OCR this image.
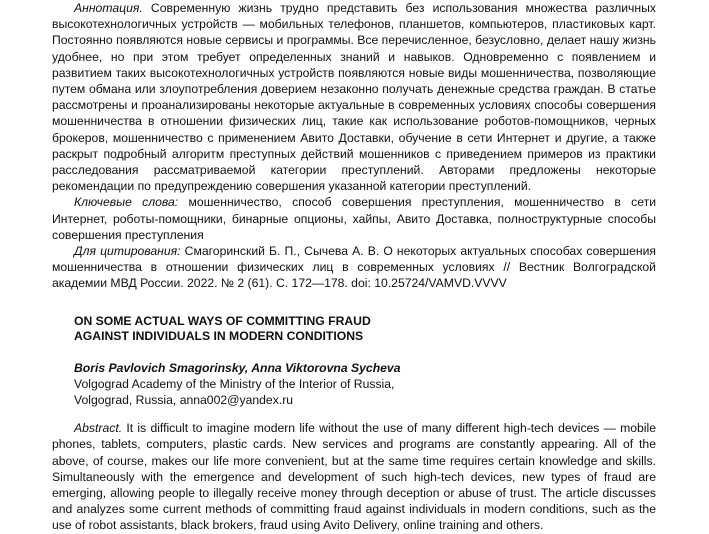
Аннотация. Современную жизнь трудно представить без использования множества различных высокотехнологичных устройств — мобильных телефонов, планшетов, компьютеров, пластиковых карт. Постоянно появляются новые сервисы и программы. Все перечисленное, безусловно, делает нашу жизнь удобнее, но при этом требует определенных знаний и навыков. Одновременно с появлением и развитием таких высокотехнологичных устройств появляются новые виды мошенничества, позволяющие путем обмана или злоупотребления доверием незаконно получать денежные средства граждан. В статье рассмотрены и проанализированы некоторые актуальные в современных условиях способы совершения мошенничества в отношении физических лиц, такие как использование роботов-помощников, черных брокеров, мошенничество с применением Авито Доставки, обучение в сети Интернет и другие, а также раскрыт подробный алгоритм преступных действий мошенников с приведением примеров из практики расследования рассматриваемой категории преступлений. Авторами предложены некоторые рекомендации по предупреждению совершения указанной категории преступлений.

Ключевые слова: мошенничество, способ совершения преступления, мошенничество в сети Интернет, роботы-помощники, бинарные опционы, хайпы, Авито Доставка, полноструктурные способы совершения преступления

Для цитирования: Смагоринский Б. П., Сычева А. В. О некоторых актуальных способах совершения мошенничества в отношении физических лиц в современных условиях // Вестник Волгоградской академии МВД России. 2022. № 2 (61). С. 172—178. doi: 10.25724/VAMVD.VVVV

ON SOME ACTUAL WAYS OF COMMITTING FRAUD
AGAINST INDIVIDUALS IN MODERN CONDITIONS

Boris Pavlovich Smagorinsky, Anna Viktorovna Sycheva

Volgograd Academy of the Ministry of the Interior of Russia,
Volgograd, Russia, anna002@yandex.ru

Abstract. It is difficult to imagine modern life without the use of many different high-tech devices — mobile phones, tablets, computers, plastic cards. New services and programs are constantly appearing. All of the above, of course, makes our life more convenient, but at the same time requires certain knowledge and skills. Simultaneously with the emergence and development of such high-tech devices, new types of fraud are emerging, allowing people to illegally receive money through deception or abuse of trust. The article discusses and analyzes some current methods of committing fraud against individuals in modern conditions, such as the use of robot assistants, black brokers, fraud using Avito Delivery, online training and others.
